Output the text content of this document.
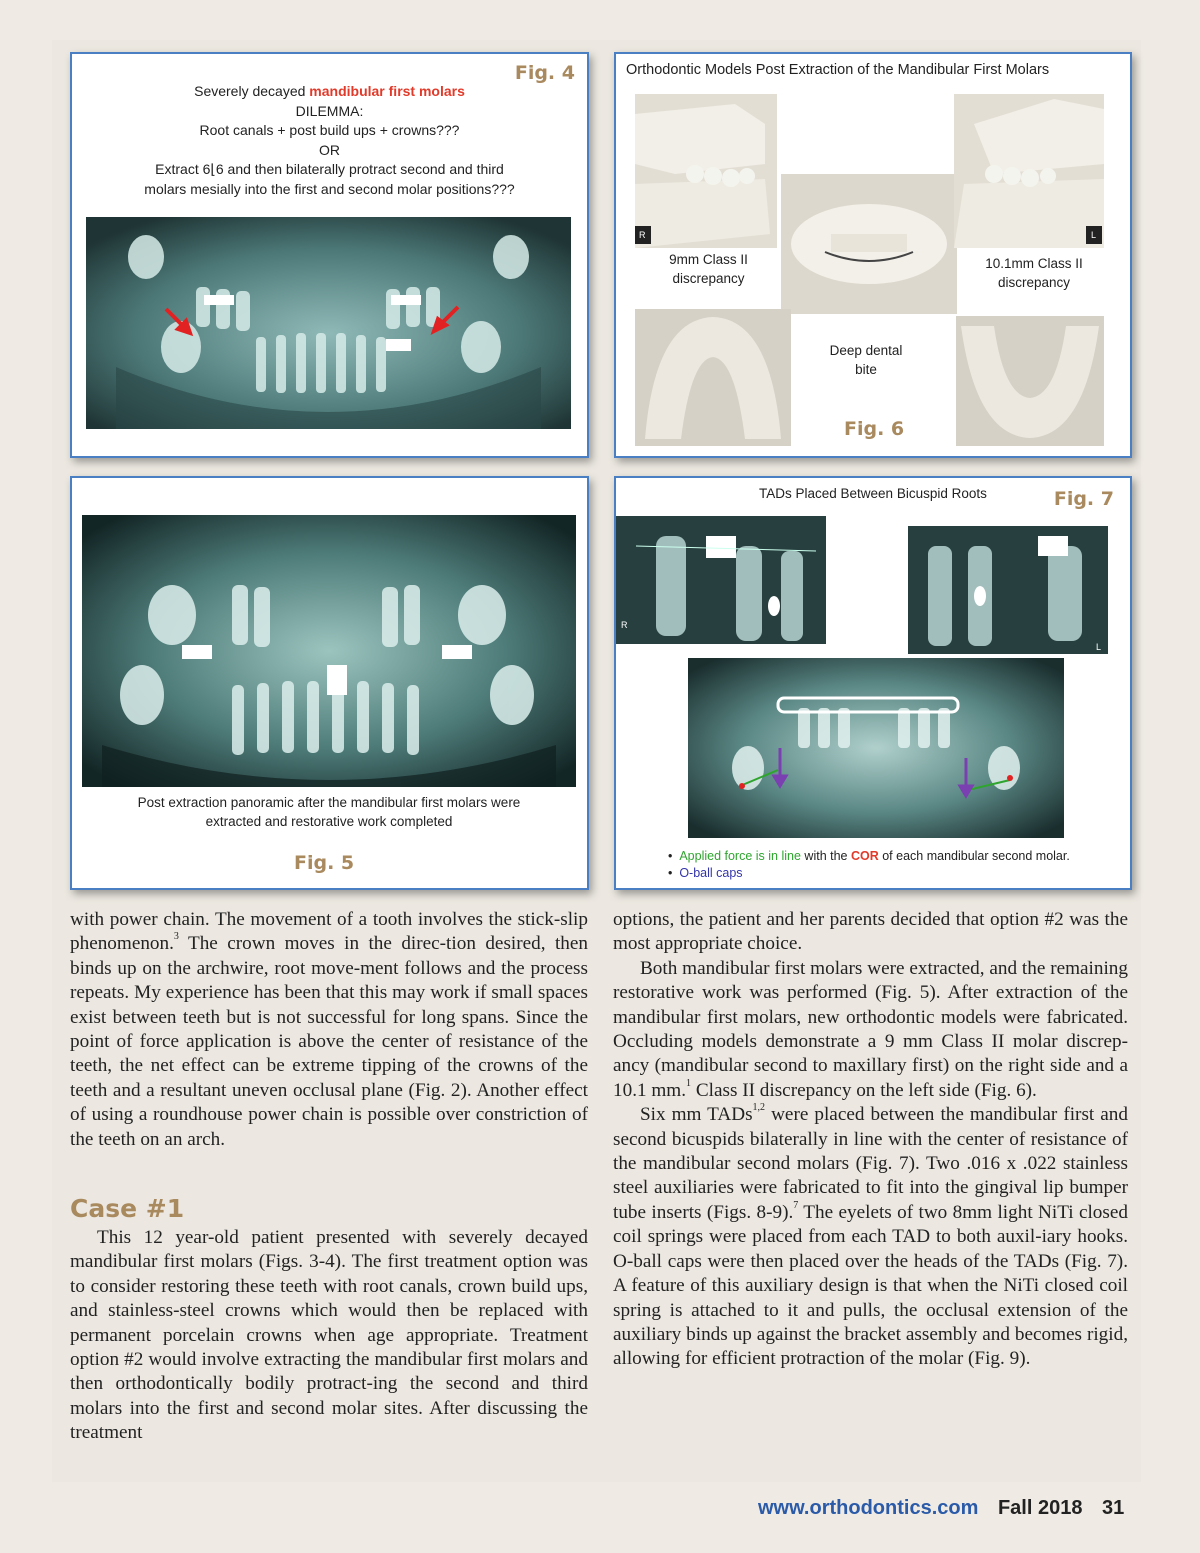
Fig. 4
Severely decayed mandibular first molars
DILEMMA:
Root canals + post build ups + crowns???
OR
Extract 6⌊6 and then bilaterally protract second and third
molars mesially into the first and second molar positions???
Orthodontic Models Post Extraction of the Mandibular First Molars
R
9mm Class II
discrepancy
L
10.1mm Class II
discrepancy
Deep dental
bite
Fig. 6
Post extraction panoramic after the mandibular first molars were
extracted and restorative work completed
Fig. 5
TADs Placed Between Bicuspid Roots	Fig. 7
R
L
•  Applied force is in line with the COR of each mandibular second molar.
•  O-ball caps

with power chain. The movement of a tooth involves the stick-slip phenomenon.$^3$ The crown moves in the direc-tion desired, then binds up on the archwire, root move-ment follows and the process repeats. My experience has been that this may work if small spaces exist between teeth but is not successful for long spans. Since the point of force application is above the center of resistance of the teeth, the net effect can be extreme tipping of the crowns of the teeth and a resultant uneven occlusal plane (Fig. 2). Another effect of using a roundhouse power chain is possible over constriction of the teeth on an arch.

Case #1

This 12 year-old patient presented with severely decayed mandibular first molars (Figs. 3-4). The first treatment option was to consider restoring these teeth with root canals, crown build ups, and stainless-steel crowns which would then be replaced with permanent porcelain crowns when age appropriate. Treatment option #2 would involve extracting the mandibular first molars and then orthodontically bodily protract-ing the second and third molars into the first and second molar sites. After discussing the treatment

options, the patient and her parents decided that option #2 was the most appropriate choice.

Both mandibular first molars were extracted, and the remaining restorative work was performed (Fig. 5). After extraction of the mandibular first molars, new orthodontic models were fabricated. Occluding models demonstrate a 9 mm Class II molar discrep-ancy (mandibular second to maxillary first) on the right side and a 10.1 mm.$^1$ Class II discrepancy on the left side (Fig. 6).

Six mm TADs$^{1,2}$ were placed between the mandibular first and second bicuspids bilaterally in line with the center of resistance of the mandibular second molars (Fig. 7). Two .016 x .022 stainless steel auxiliaries were fabricated to fit into the gingival lip bumper tube inserts (Figs. 8-9).$^7$ The eyelets of two 8mm light NiTi closed coil springs were placed from each TAD to both auxil-iary hooks. O-ball caps were then placed over the heads of the TADs (Fig. 7). A feature of this auxiliary design is that when the NiTi closed coil spring is attached to it and pulls, the occlusal extension of the auxiliary binds up against the bracket assembly and becomes rigid, allowing for efficient protraction of the molar (Fig. 9).

www.orthodontics.com Fall 2018 31
